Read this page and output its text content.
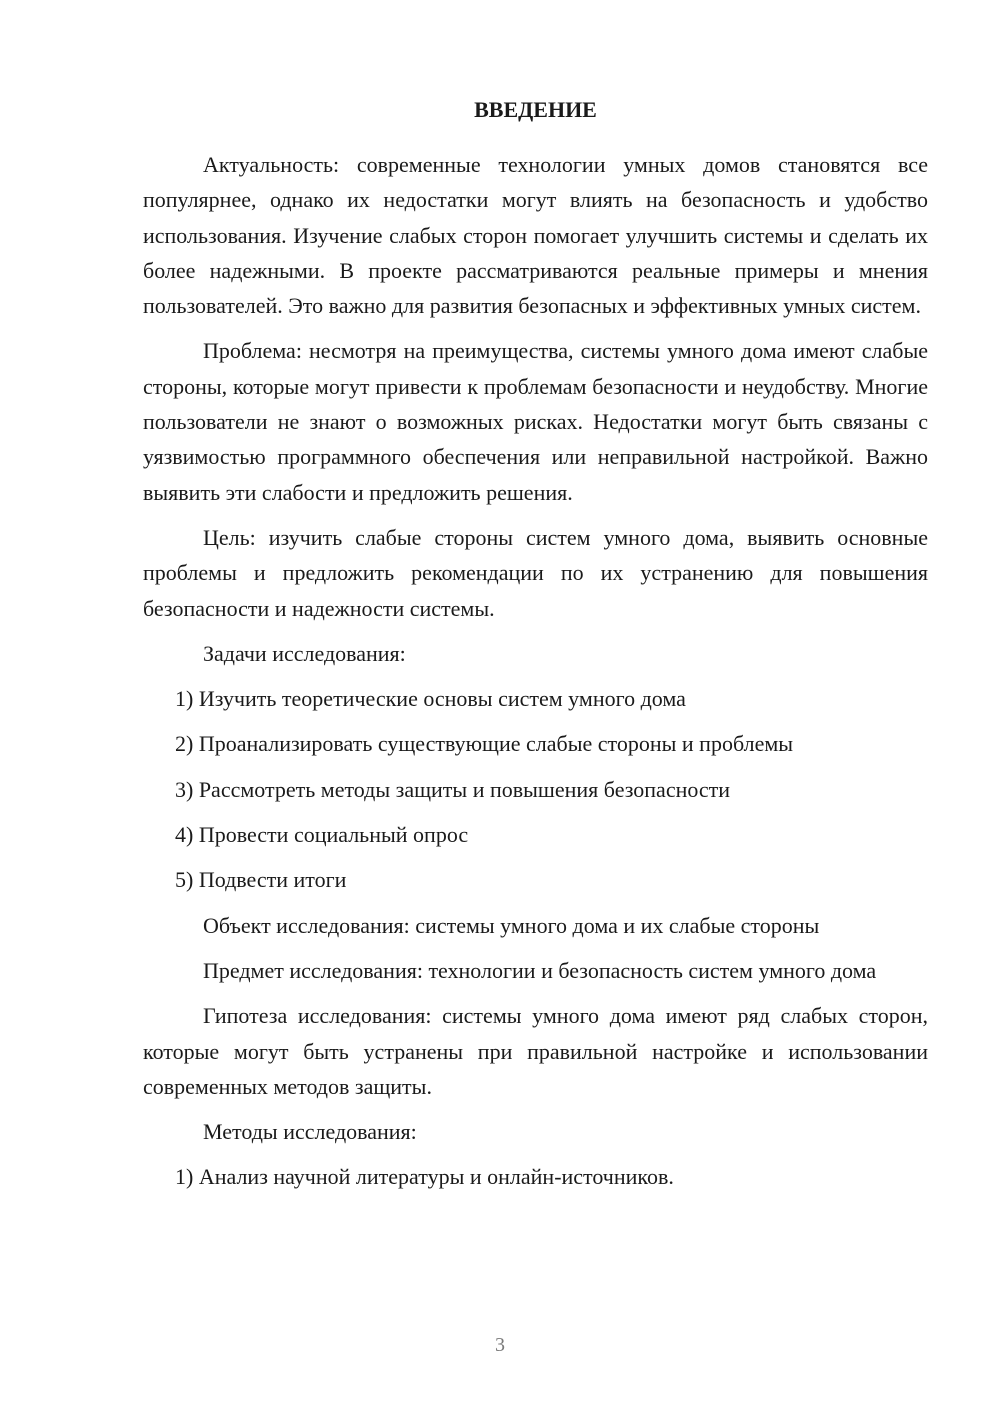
ВВЕДЕНИЕ

Актуальность: современные технологии умных домов становятся все популярнее, однако их недостатки могут влиять на безопасность и удобство использования. Изучение слабых сторон помогает улучшить системы и сделать их более надежными. В проекте рассматриваются реальные примеры и мнения пользователей. Это важно для развития безопасных и эффективных умных систем.

Проблема: несмотря на преимущества, системы умного дома имеют слабые стороны, которые могут привести к проблемам безопасности и неудобству. Многие пользователи не знают о возможных рисках. Недостатки могут быть связаны с уязвимостью программного обеспечения или неправильной настройкой. Важно выявить эти слабости и предложить решения.

Цель: изучить слабые стороны систем умного дома, выявить основные проблемы и предложить рекомендации по их устранению для повышения безопасности и надежности системы.

Задачи исследования:

1) Изучить теоретические основы систем умного дома

2) Проанализировать существующие слабые стороны и проблемы

3) Рассмотреть методы защиты и повышения безопасности

4) Провести социальный опрос

5) Подвести итоги

Объект исследования: системы умного дома и их слабые стороны

Предмет исследования: технологии и безопасность систем умного дома

Гипотеза исследования: системы умного дома имеют ряд слабых сторон, которые могут быть устранены при правильной настройке и использовании современных методов защиты.

Методы исследования:

1) Анализ научной литературы и онлайн-источников.

3
